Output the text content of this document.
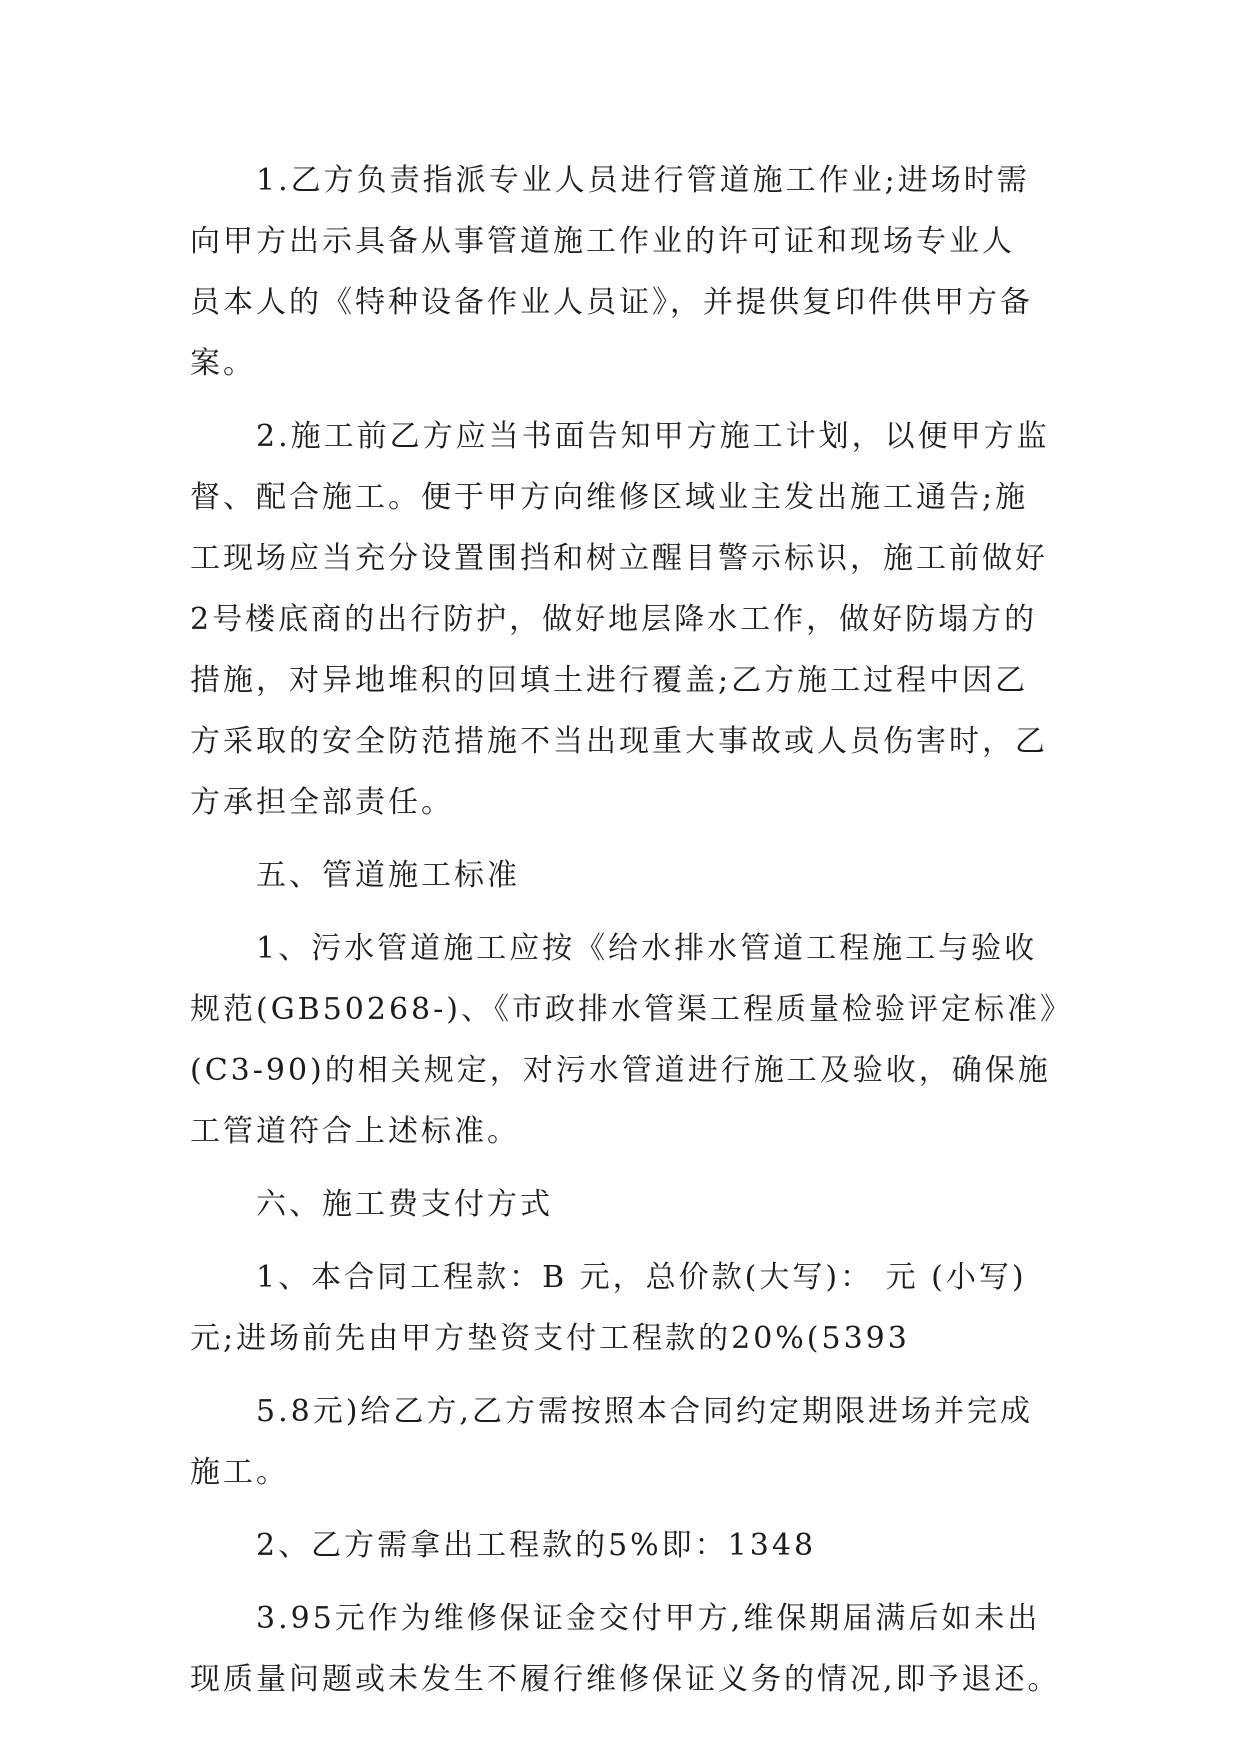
1.乙方负责指派专业人员进行管道施工作业;进场时需
向甲方出示具备从事管道施工作业的许可证和现场专业人
员本人的《特种设备作业人员证》，并提供复印件供甲方备
案。
2.施工前乙方应当书面告知甲方施工计划，以便甲方监
督、配合施工。便于甲方向维修区域业主发出施工通告;施
工现场应当充分设置围挡和树立醒目警示标识，施工前做好
2号楼底商的出行防护，做好地层降水工作，做好防塌方的
措施，对异地堆积的回填土进行覆盖;乙方施工过程中因乙
方采取的安全防范措施不当出现重大事故或人员伤害时，乙
方承担全部责任。
五、管道施工标准
1、污水管道施工应按《给水排水管道工程施工与验收
规范(GB50268-)、《市政排水管渠工程质量检验评定标准》
(C3-90)的相关规定，对污水管道进行施工及验收，确保施
工管道符合上述标准。
六、施工费支付方式
1、本合同工程款：B 元，总价款(大写)： 元 (小写)
元;进场前先由甲方垫资支付工程款的20%(5393
5.8元)给乙方,乙方需按照本合同约定期限进场并完成
施工。
2、乙方需拿出工程款的5%即：1348
3.95元作为维修保证金交付甲方,维保期届满后如未出
现质量问题或未发生不履行维修保证义务的情况,即予退还。
